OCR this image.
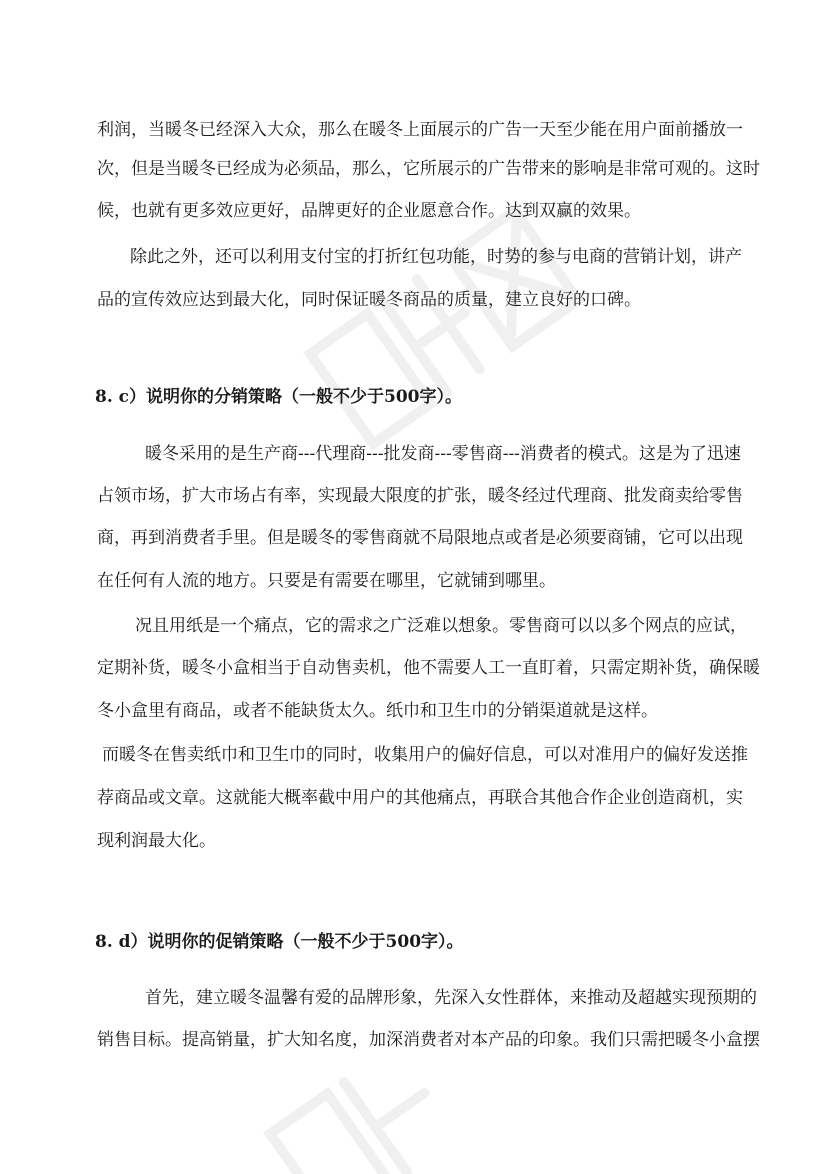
利润，当暖冬已经深入大众，那么在暖冬上面展示的广告一天至少能在用户面前播放一
次，但是当暖冬已经成为必须品，那么，它所展示的广告带来的影响是非常可观的。这时
候，也就有更多效应更好，品牌更好的企业愿意合作。达到双赢的效果。
除此之外，还可以利用支付宝的打折红包功能，时势的参与电商的营销计划，讲产
品的宣传效应达到最大化，同时保证暖冬商品的质量，建立良好的口碑。
8. c）说明你的分销策略（一般不少于500字）。
暖冬采用的是生产商---代理商---批发商---零售商---消费者的模式。这是为了迅速
占领市场，扩大市场占有率，实现最大限度的扩张，暖冬经过代理商、批发商卖给零售
商，再到消费者手里。但是暖冬的零售商就不局限地点或者是必须要商铺，它可以出现
在任何有人流的地方。只要是有需要在哪里，它就铺到哪里。
况且用纸是一个痛点，它的需求之广泛难以想象。零售商可以以多个网点的应试，
定期补货，暖冬小盒相当于自动售卖机，他不需要人工一直盯着，只需定期补货，确保暖
冬小盒里有商品，或者不能缺货太久。纸巾和卫生巾的分销渠道就是这样。
而暖冬在售卖纸巾和卫生巾的同时，收集用户的偏好信息，可以对准用户的偏好发送推
荐商品或文章。这就能大概率截中用户的其他痛点，再联合其他合作企业创造商机，实
现利润最大化。
8. d）说明你的促销策略（一般不少于500字）。
首先，建立暖冬温馨有爱的品牌形象，先深入女性群体，来推动及超越实现预期的
销售目标。提高销量，扩大知名度，加深消费者对本产品的印象。我们只需把暖冬小盒摆
